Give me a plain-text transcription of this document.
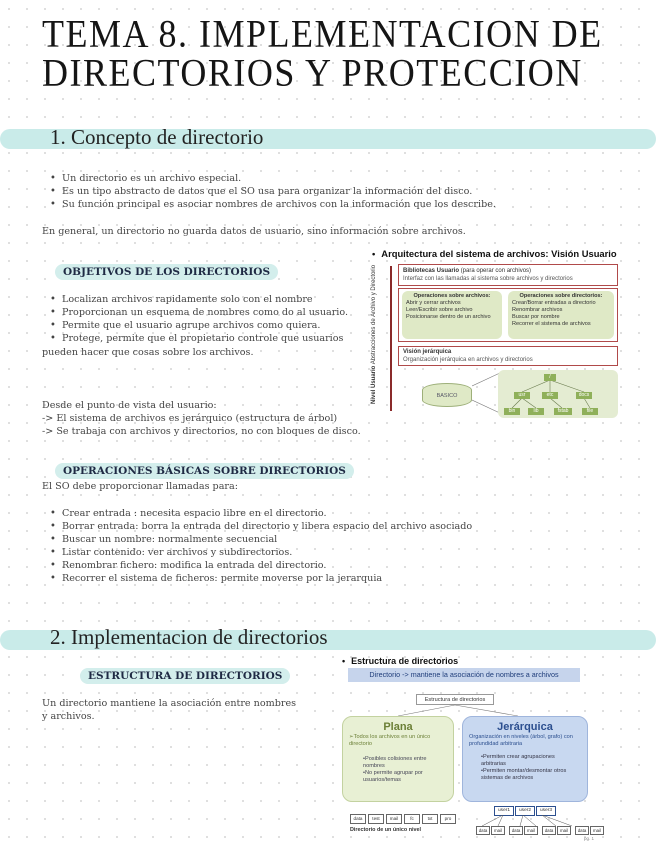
TEMA 8. IMPLEMENTACION DE
DIRECTORIOS Y PROTECCION
1. Concepto de directorio
• Un directorio es un archivo especial.
• Es un tipo abstracto de datos que el SO usa para organizar la información del disco.
• Su función principal es asociar nombres de archivos con la información que los describe.
En general, un directorio no guarda datos de usuario, sino información sobre archivos.
OBJETIVOS DE LOS DIRECTORIOS
• Localizan archivos rapidamente solo con el nombre
• Proporcionan un esquema de nombres como do al usuario.
• Permite que el usuario agrupe archivos como quiera.
• Protege, permite que el propietario controle que usuarios
pueden hacer que cosas sobre los archivos.
Desde el punto de vista del usuario:
-> El sistema de archivos es jerárquico (estructura de árbol)
-> Se trabaja con archivos y directorios, no con bloques de disco.
OPERACIONES BÁSICAS SOBRE DIRECTORIOS
El SO debe proporcionar llamadas para:
• Crear entrada : necesita espacio libre en el directorio.
• Borrar entrada: borra la entrada del directorio y libera espacio del archivo asociado
• Buscar un nombre: normalmente secuencial
• Listar contenido: ver archivos y subdirectorios.
• Renombrar fichero: modifica la entrada del directorio.
• Recorrer el sistema de ficheros: permite moverse por la jerarquia
• Arquitectura del sistema de archivos: Visión Usuario
Nivel Usuario Abstracciones de Archivo y Directorio	Bibliotecas Usuario (para operar con archivos)
Interfaz con las llamadas al sistema sobre archivos y directorios
Operaciones sobre archivos:
Abrir y cerrar archivos
Leer/Escribir sobre archivo
Posicionarse dentro de un archivo
Operaciones sobre directorios:
Crear/Borrar entradas a directorio
Renombrar archivos
Buscar por nombre
Recorrer el sistema de archivos
Visión jerárquica
Organización jerárquica en archivos y directorios
BASICO
/
usr	etc	docs
bin	lib	fstab	file
2. Implementacion de directorios
ESTRUCTURA DE DIRECTORIOS
Un directorio mantiene la asociación entre nombres
y archivos.
• Estructura de directorios
Directorio -> mantiene la asociación de nombres a archivos
Estructura de directorios
Plana
➢Todos los archivos en un único directorio
•Posibles colisiones entre nombres
•No permite agrupar por usuarios/temas
Jerárquica
Organización en niveles (árbol, grafo) con profundidad arbitraria
•Permiten crear agrupaciones arbitrarias
•Permiten montar/desmontar otros sistemas de archivos
data test mail	fc	txt	pro
Directorio de un único nivel
user1 user2 user3
data mail data mail data mail data mail
pg. 1
